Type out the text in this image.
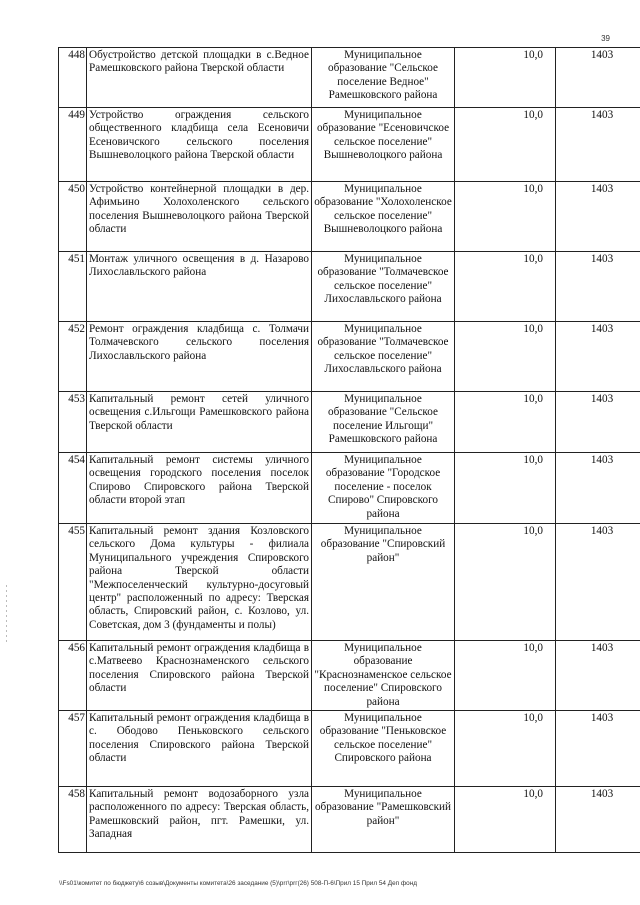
39
448	Обустройство детской площадки в с.Ведное Рамешковского района Тверской области	Муниципальное образование "Сельское поселение Ведное" Рамешковского района	10,0	1403
449	Устройство ограждения сельского общественного кладбища села Есеновичи Есеновичского сельского поселения Вышневолоцкого района Тверской области	Муниципальное образование "Есеновичское сельское поселение" Вышневолоцкого района	10,0	1403
450	Устройство контейнерной площадки в дер. Афимьино Холохоленского сельского поселения Вышневолоцкого района Тверской области	Муниципальное образование "Холохоленское сельское поселение" Вышневолоцкого района	10,0	1403
451	Монтаж уличного освещения в д. Назарово Лихославльского района	Муниципальное образование "Толмачевское сельское поселение" Лихославльского района	10,0	1403
452	Ремонт ограждения кладбища с. Толмачи Толмачевского сельского поселения Лихославльского района	Муниципальное образование "Толмачевское сельское поселение" Лихославльского района	10,0	1403
453	Капитальный ремонт сетей уличного освещения с.Ильгощи Рамешковского района Тверской области	Муниципальное образование "Сельское поселение Ильгощи" Рамешковского района	10,0	1403
454	Капитальный ремонт системы уличного освещения городского поселения поселок Спирово Спировского района Тверской области второй этап	Муниципальное образование "Городское поселение - поселок Спирово" Спировского района	10,0	1403
455	Капитальный ремонт здания Козловского сельского Дома культуры - филиала Муниципального учреждения Спировского района Тверской области "Межпоселенческий культурно-досуговый центр" расположенный по адресу: Тверская область, Спировский район, с. Козлово, ул. Советская, дом 3 (фундаменты и полы)	Муниципальное образование "Спировский район"	10,0	1403
456	Капитальный ремонт ограждения кладбища в с.Матвеево Краснознаменского сельского поселения Спировского района Тверской области	Муниципальное образование "Краснознаменское сельское поселение" Спировского района	10,0	1403
457	Капитальный ремонт ограждения кладбища в с. Ободово Пеньковского сельского поселения Спировского района Тверской области	Муниципальное образование "Пеньковское сельское поселение" Спировского района	10,0	1403
458	Капитальный ремонт водозаборного узла расположенного по адресу: Тверская область, Рамешковский район, пгт. Рамешки, ул. Западная	Муниципальное образование "Рамешковский район"	10,0	1403
\\Fs01\комитет по бюджету\6 созыв\Документы комитета\26 заседание (5)\prг\prг(26) 508-П-6\Прил 15 Прил 54 Деп фонд
